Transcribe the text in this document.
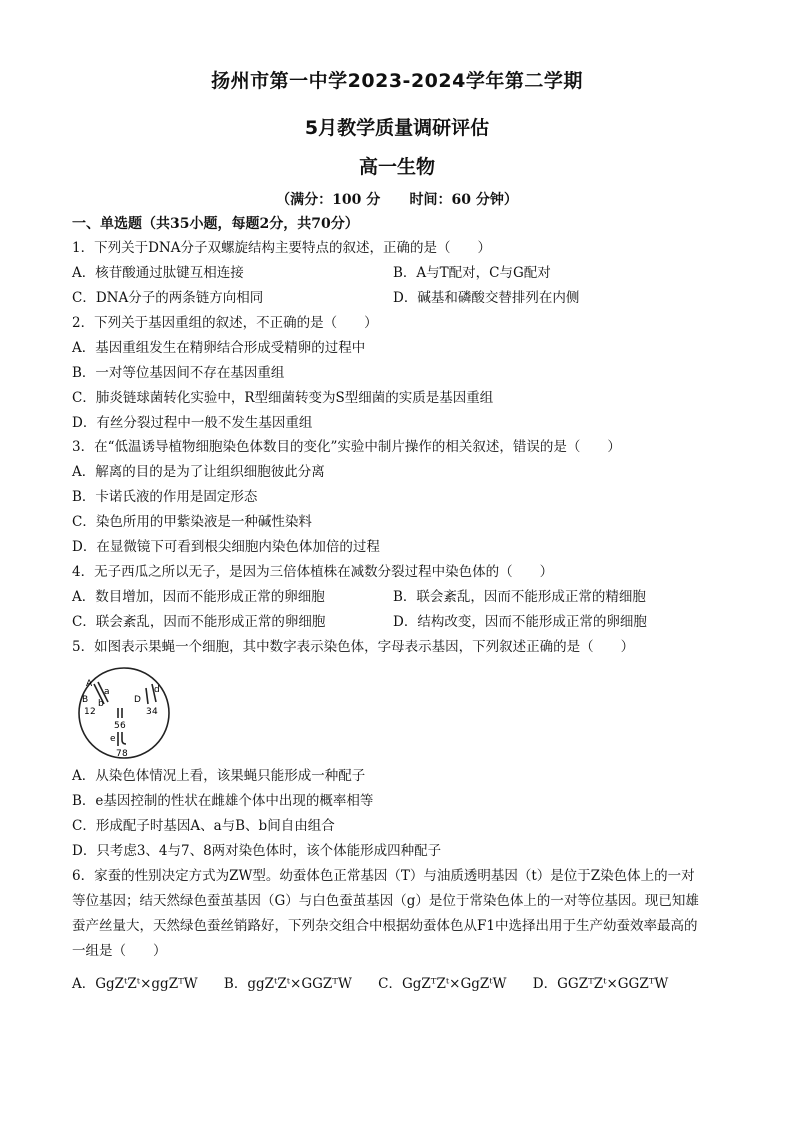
扬州市第一中学2023-2024学年第二学期
5月教学质量调研评估
高一生物
（满分：100 分      时间：60 分钟）
一、单选题（共35小题，每题2分，共70分）
1．下列关于DNA分子双螺旋结构主要特点的叙述，正确的是（　　）
A．核苷酸通过肽键互相连接	B．A与T配对，C与G配对
C．DNA分子的两条链方向相同	D．碱基和磷酸交替排列在内侧
2．下列关于基因重组的叙述，不正确的是（　　）
A．基因重组发生在精卵结合形成受精卵的过程中
B．一对等位基因间不存在基因重组
C．肺炎链球菌转化实验中，R型细菌转变为S型细菌的实质是基因重组
D．有丝分裂过程中一般不发生基因重组
3．在“低温诱导植物细胞染色体数目的变化”实验中制片操作的相关叙述，错误的是（　　）
A．解离的目的是为了让组织细胞彼此分离
B．卡诺氏液的作用是固定形态
C．染色所用的甲紫染液是一种碱性染料
D．在显微镜下可看到根尖细胞内染色体加倍的过程
4．无子西瓜之所以无子，是因为三倍体植株在减数分裂过程中染色体的（　　）
A．数目增加，因而不能形成正常的卵细胞	B．联会紊乱，因而不能形成正常的精细胞
C．联会紊乱，因而不能形成正常的卵细胞	D．结构改变，因而不能形成正常的卵细胞
5．如图表示果蝇一个细胞，其中数字表示染色体，字母表示基因，下列叙述正确的是（　　）
A
B
a
b
1 2
D
d
3 4
5 6
e
7 8
A．从染色体情况上看，该果蝇只能形成一种配子
B．e基因控制的性状在雌雄个体中出现的概率相等
C．形成配子时基因A、a与B、b间自由组合
D．只考虑3、4与7、8两对染色体时，该个体能形成四种配子
6．家蚕的性别决定方式为ZW型。幼蚕体色正常基因（T）与油质透明基因（t）是位于Z染色体上的一对
等位基因；结天然绿色蚕茧基因（G）与白色蚕茧基因（g）是位于常染色体上的一对等位基因。现已知雄
蚕产丝量大，天然绿色蚕丝销路好，下列杂交组合中根据幼蚕体色从F1中选择出用于生产幼蚕效率最高的
一组是（　　）
A．GgZᵗZᵗ×ggZᵀW B．ggZᵗZᵗ×GGZᵀW C．GgZᵀZᵗ×GgZᵗW D．GGZᵀZᵗ×GGZᵀW
